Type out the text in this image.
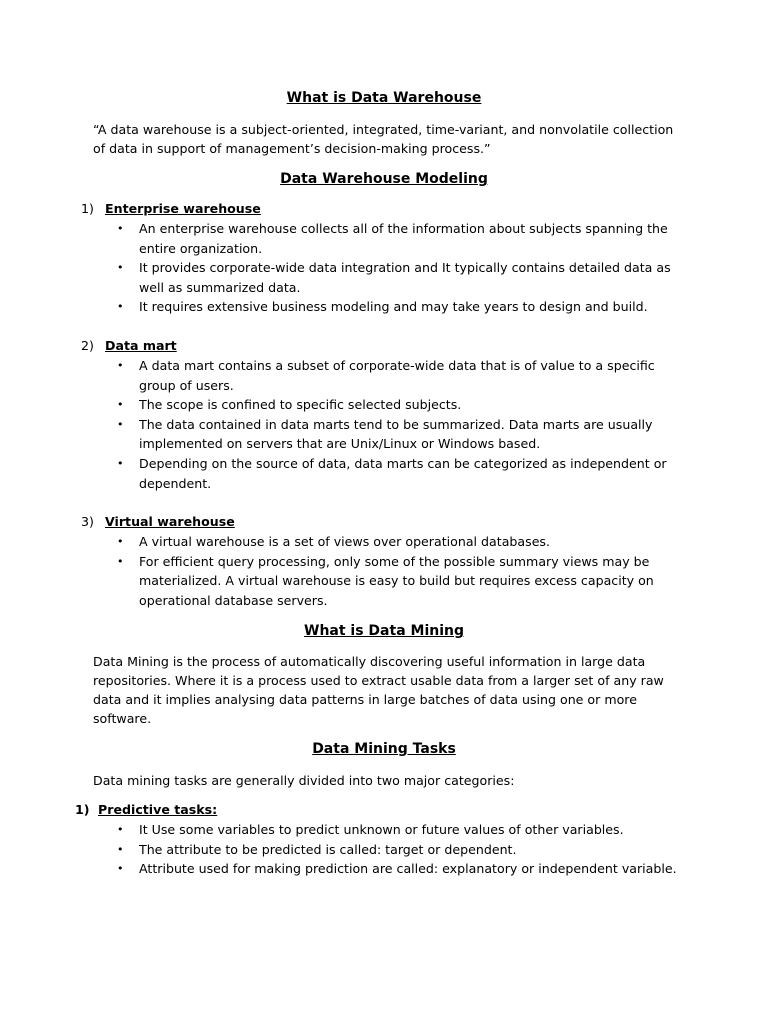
What is Data Warehouse

“A data warehouse is a subject-oriented, integrated, time-variant, and nonvolatile collection of data in support of management’s decision-making process.”

Data Warehouse Modeling
1) Enterprise warehouse
• An enterprise warehouse collects all of the information about subjects spanning the entire organization.
• It provides corporate-wide data integration and It typically contains detailed data as well as summarized data.
• It requires extensive business modeling and may take years to design and build.
2) Data mart
• A data mart contains a subset of corporate-wide data that is of value to a specific group of users.
• The scope is confined to specific selected subjects.
• The data contained in data marts tend to be summarized. Data marts are usually implemented on servers that are Unix/Linux or Windows based.
• Depending on the source of data, data marts can be categorized as independent or dependent.
3) Virtual warehouse
• A virtual warehouse is a set of views over operational databases.
• For efficient query processing, only some of the possible summary views may be materialized. A virtual warehouse is easy to build but requires excess capacity on operational database servers.
What is Data Mining

Data Mining is the process of automatically discovering useful information in large data repositories. Where it is a process used to extract usable data from a larger set of any raw data and it implies analysing data patterns in large batches of data using one or more software.

Data Mining Tasks

Data mining tasks are generally divided into two major categories:

1) Predictive tasks:
• It Use some variables to predict unknown or future values of other variables.
• The attribute to be predicted is called: target or dependent.
• Attribute used for making prediction are called: explanatory or independent variable.
